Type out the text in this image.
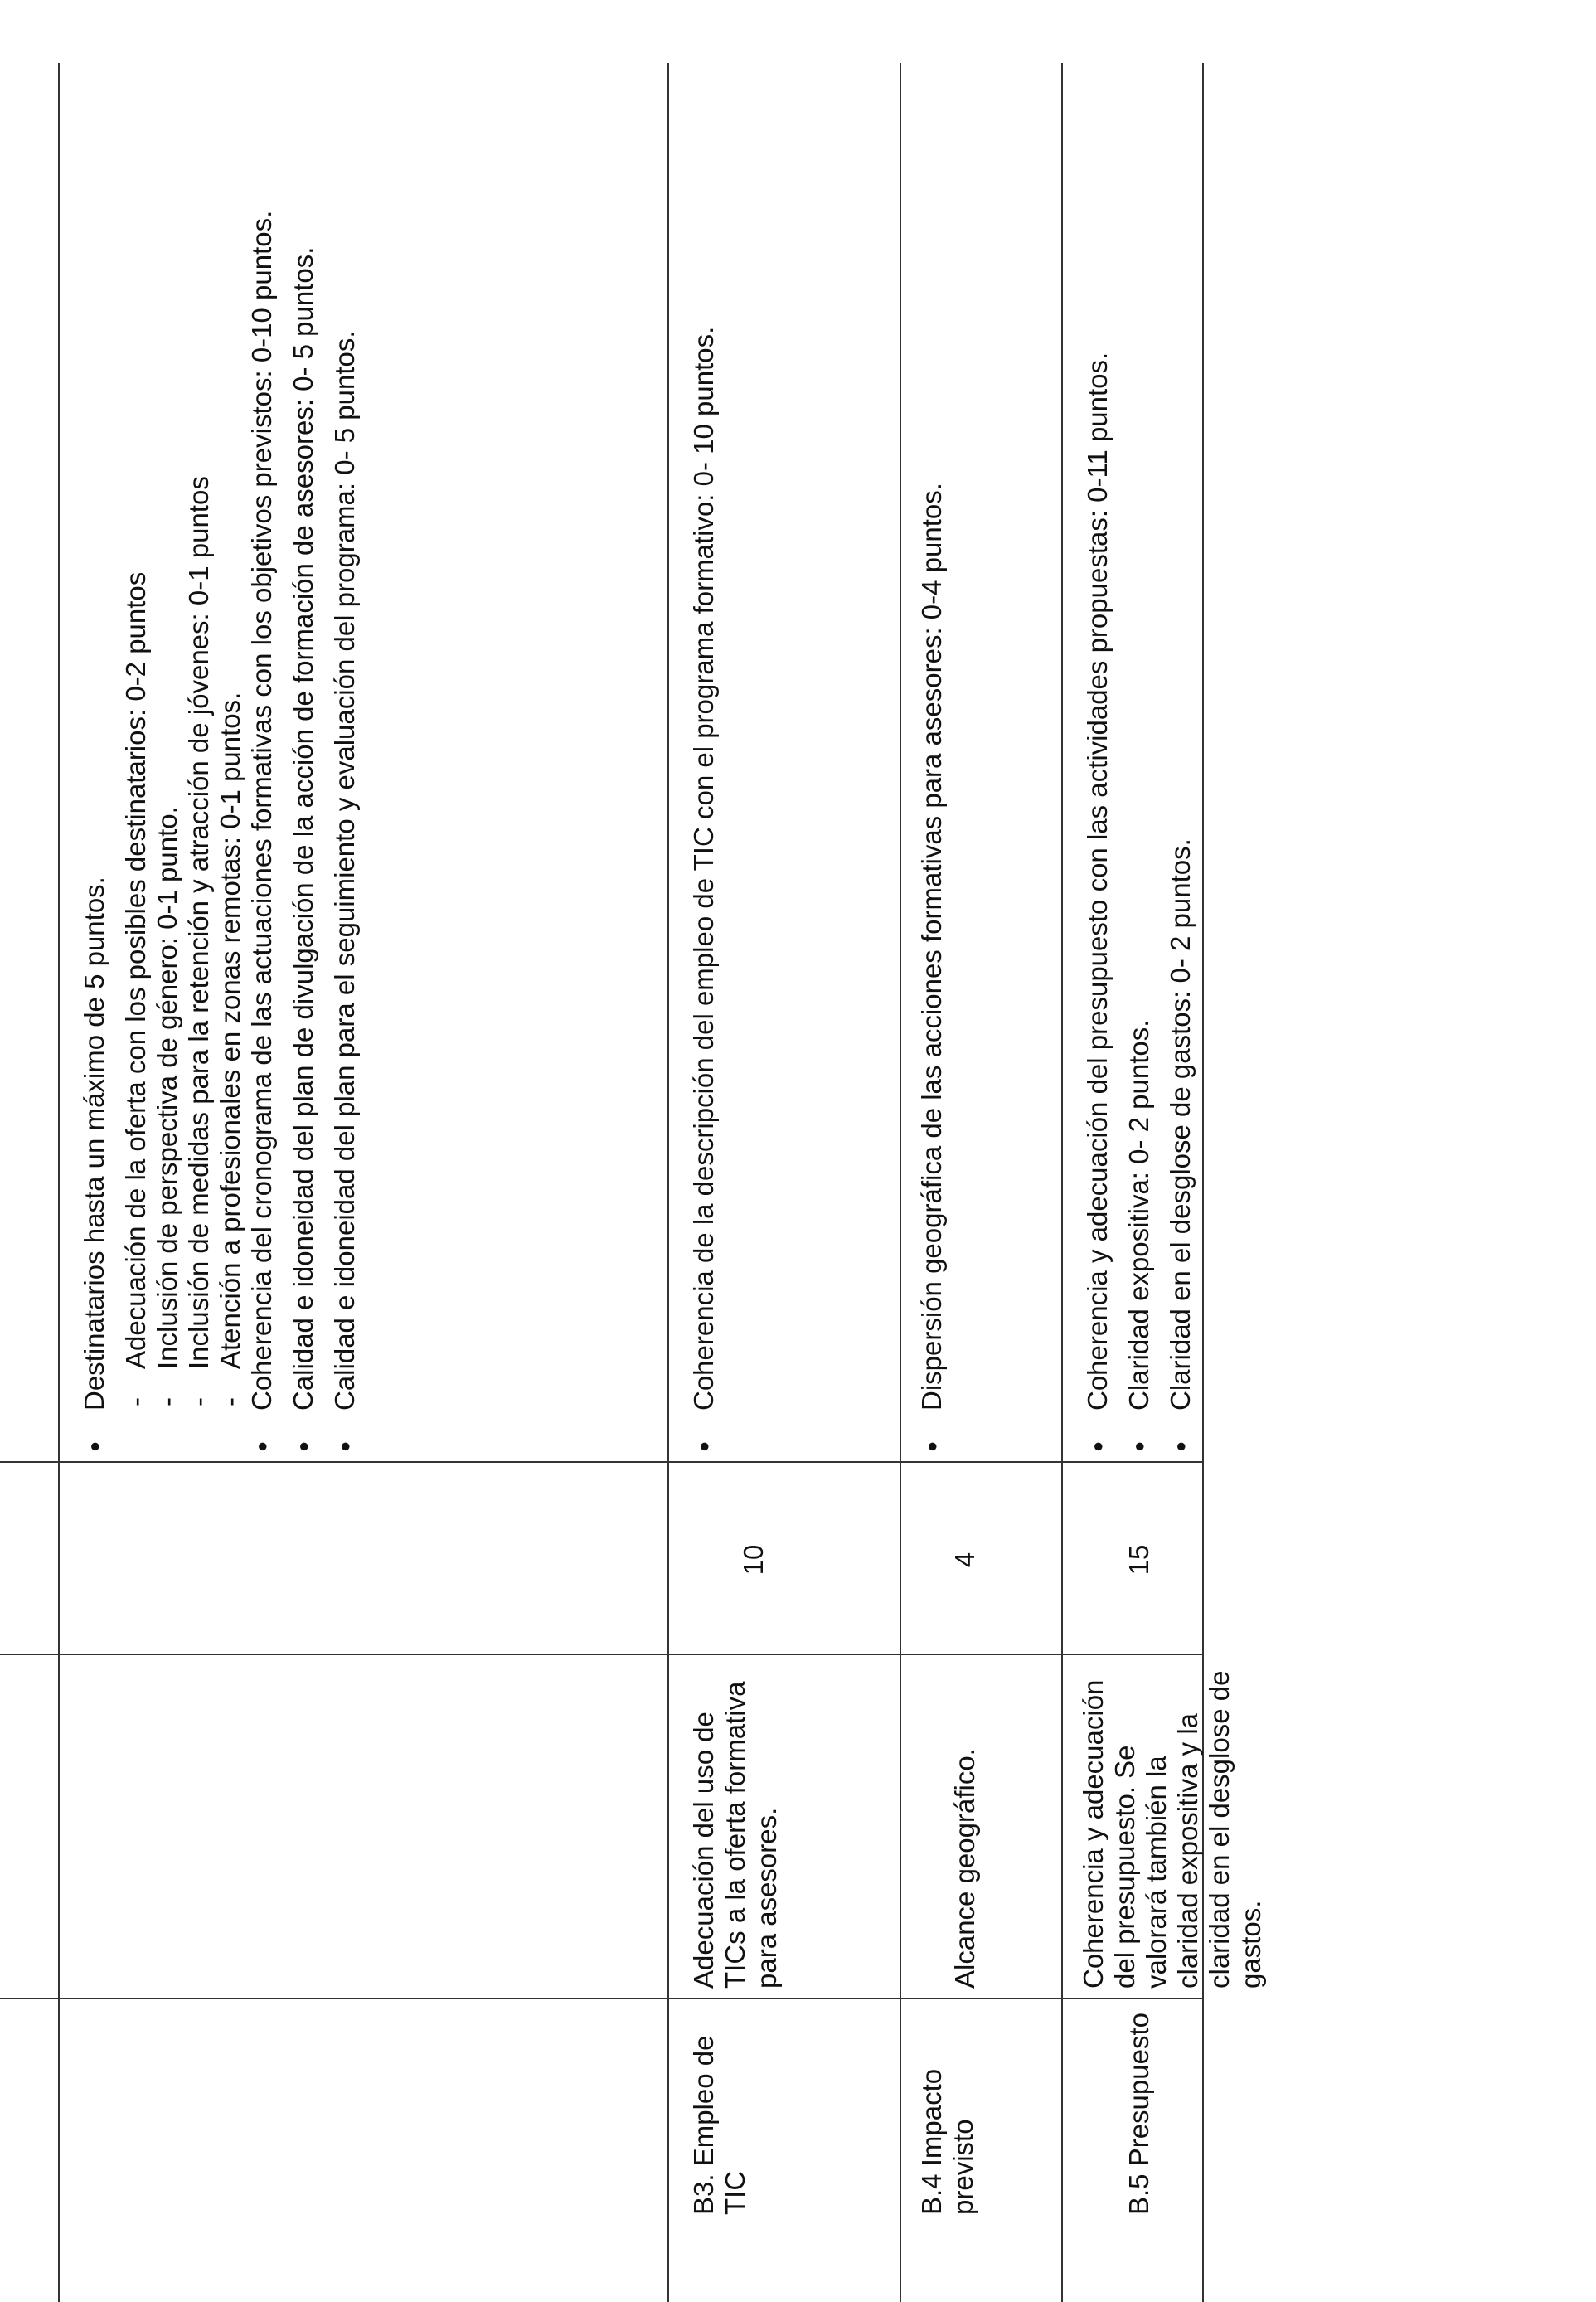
● Destinatarios hasta un máximo de 5 puntos. - Adecuación de la oferta con los posibles destinatarios: 0-2 puntos - Inclusión de perspectiva de género: 0-1 punto. - Inclusión de medidas para la retención y atracción de jóvenes: 0-1 puntos - Atención a profesionales en zonas remotas: 0-1 puntos. ● Coherencia del cronograma de las actuaciones formativas con los objetivos previstos: 0-10 puntos. ● Calidad e idoneidad del plan de divulgación de la acción de formación de asesores: 0- 5 puntos. ● Calidad e idoneidad del plan para el seguimiento y evaluación del programa: 0- 5 puntos.
B3. Empleo de TIC
Adecuación del uso de TICs a la oferta formativa para asesores.
10
● Coherencia de la descripción del empleo de TIC con el programa formativo: 0- 10 puntos.
B.4 Impacto previsto
Alcance geográfico.
4
● Dispersión geográfica de las acciones formativas para asesores: 0-4 puntos.
B.5 Presupuesto
Coherencia y adecuación del presupuesto. Se valorará también la claridad expositiva y la claridad en el desglose de gastos.
15
● Coherencia y adecuación del presupuesto con las actividades propuestas: 0-11 puntos. ● Claridad expositiva: 0- 2 puntos. ● Claridad en el desglose de gastos: 0- 2 puntos.
